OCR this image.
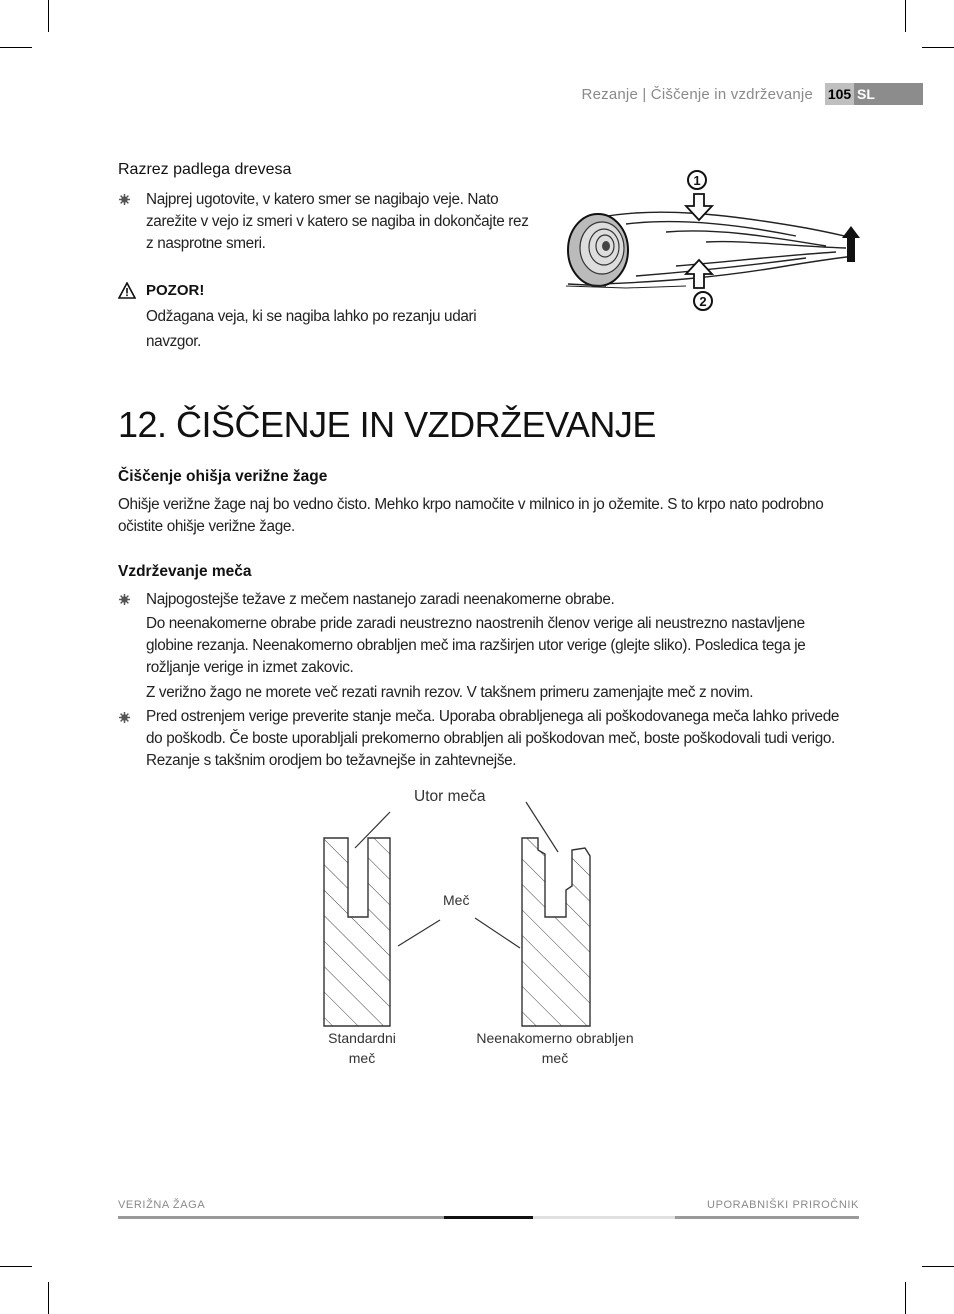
Rezanje | Čiščenje in vzdrževanje 105 SL
Razrez padlega drevesa
Najprej ugotovite, v katero smer se nagibajo veje. Nato zarežite v vejo iz smeri v katero se nagiba in dokončajte rez z nasprotne smeri.
POZOR!
Odžagana veja, ki se nagiba lahko po rezanju udari navzgor.
1
2
12. ČIŠČENJE IN VZDRŽEVANJE
Čiščenje ohišja verižne žage
Ohišje verižne žage naj bo vedno čisto. Mehko krpo namočite v milnico in jo ožemite. S to krpo nato podrobno očistite ohišje verižne žage.
Vzdrževanje meča
Najpogostejše težave z mečem nastanejo zaradi neenakomerne obrabe.
Do neenakomerne obrabe pride zaradi neustrezno naostrenih členov verige ali neustrezno nastavljene globine rezanja. Neenakomerno obrabljen meč ima razširjen utor verige (glejte sliko). Posledica tega je rožljanje verige in izmet zakovic.
Z verižno žago ne morete več rezati ravnih rezov. V takšnem primeru zamenjajte meč z novim.
Pred ostrenjem verige preverite stanje meča. Uporaba obrabljenega ali poškodovanega meča lahko privede do poškodb. Če boste uporabljali prekomerno obrabljen ali poškodovan meč, boste poškodovali tudi verigo. Rezanje s takšnim orodjem bo težavnejše in zahtevnejše.
Utor meča
Meč
Standardni
meč
Neenakomerno obrabljen
meč
VERIŽNA ŽAGA	UPORABNIŠKI PRIROČNIK
